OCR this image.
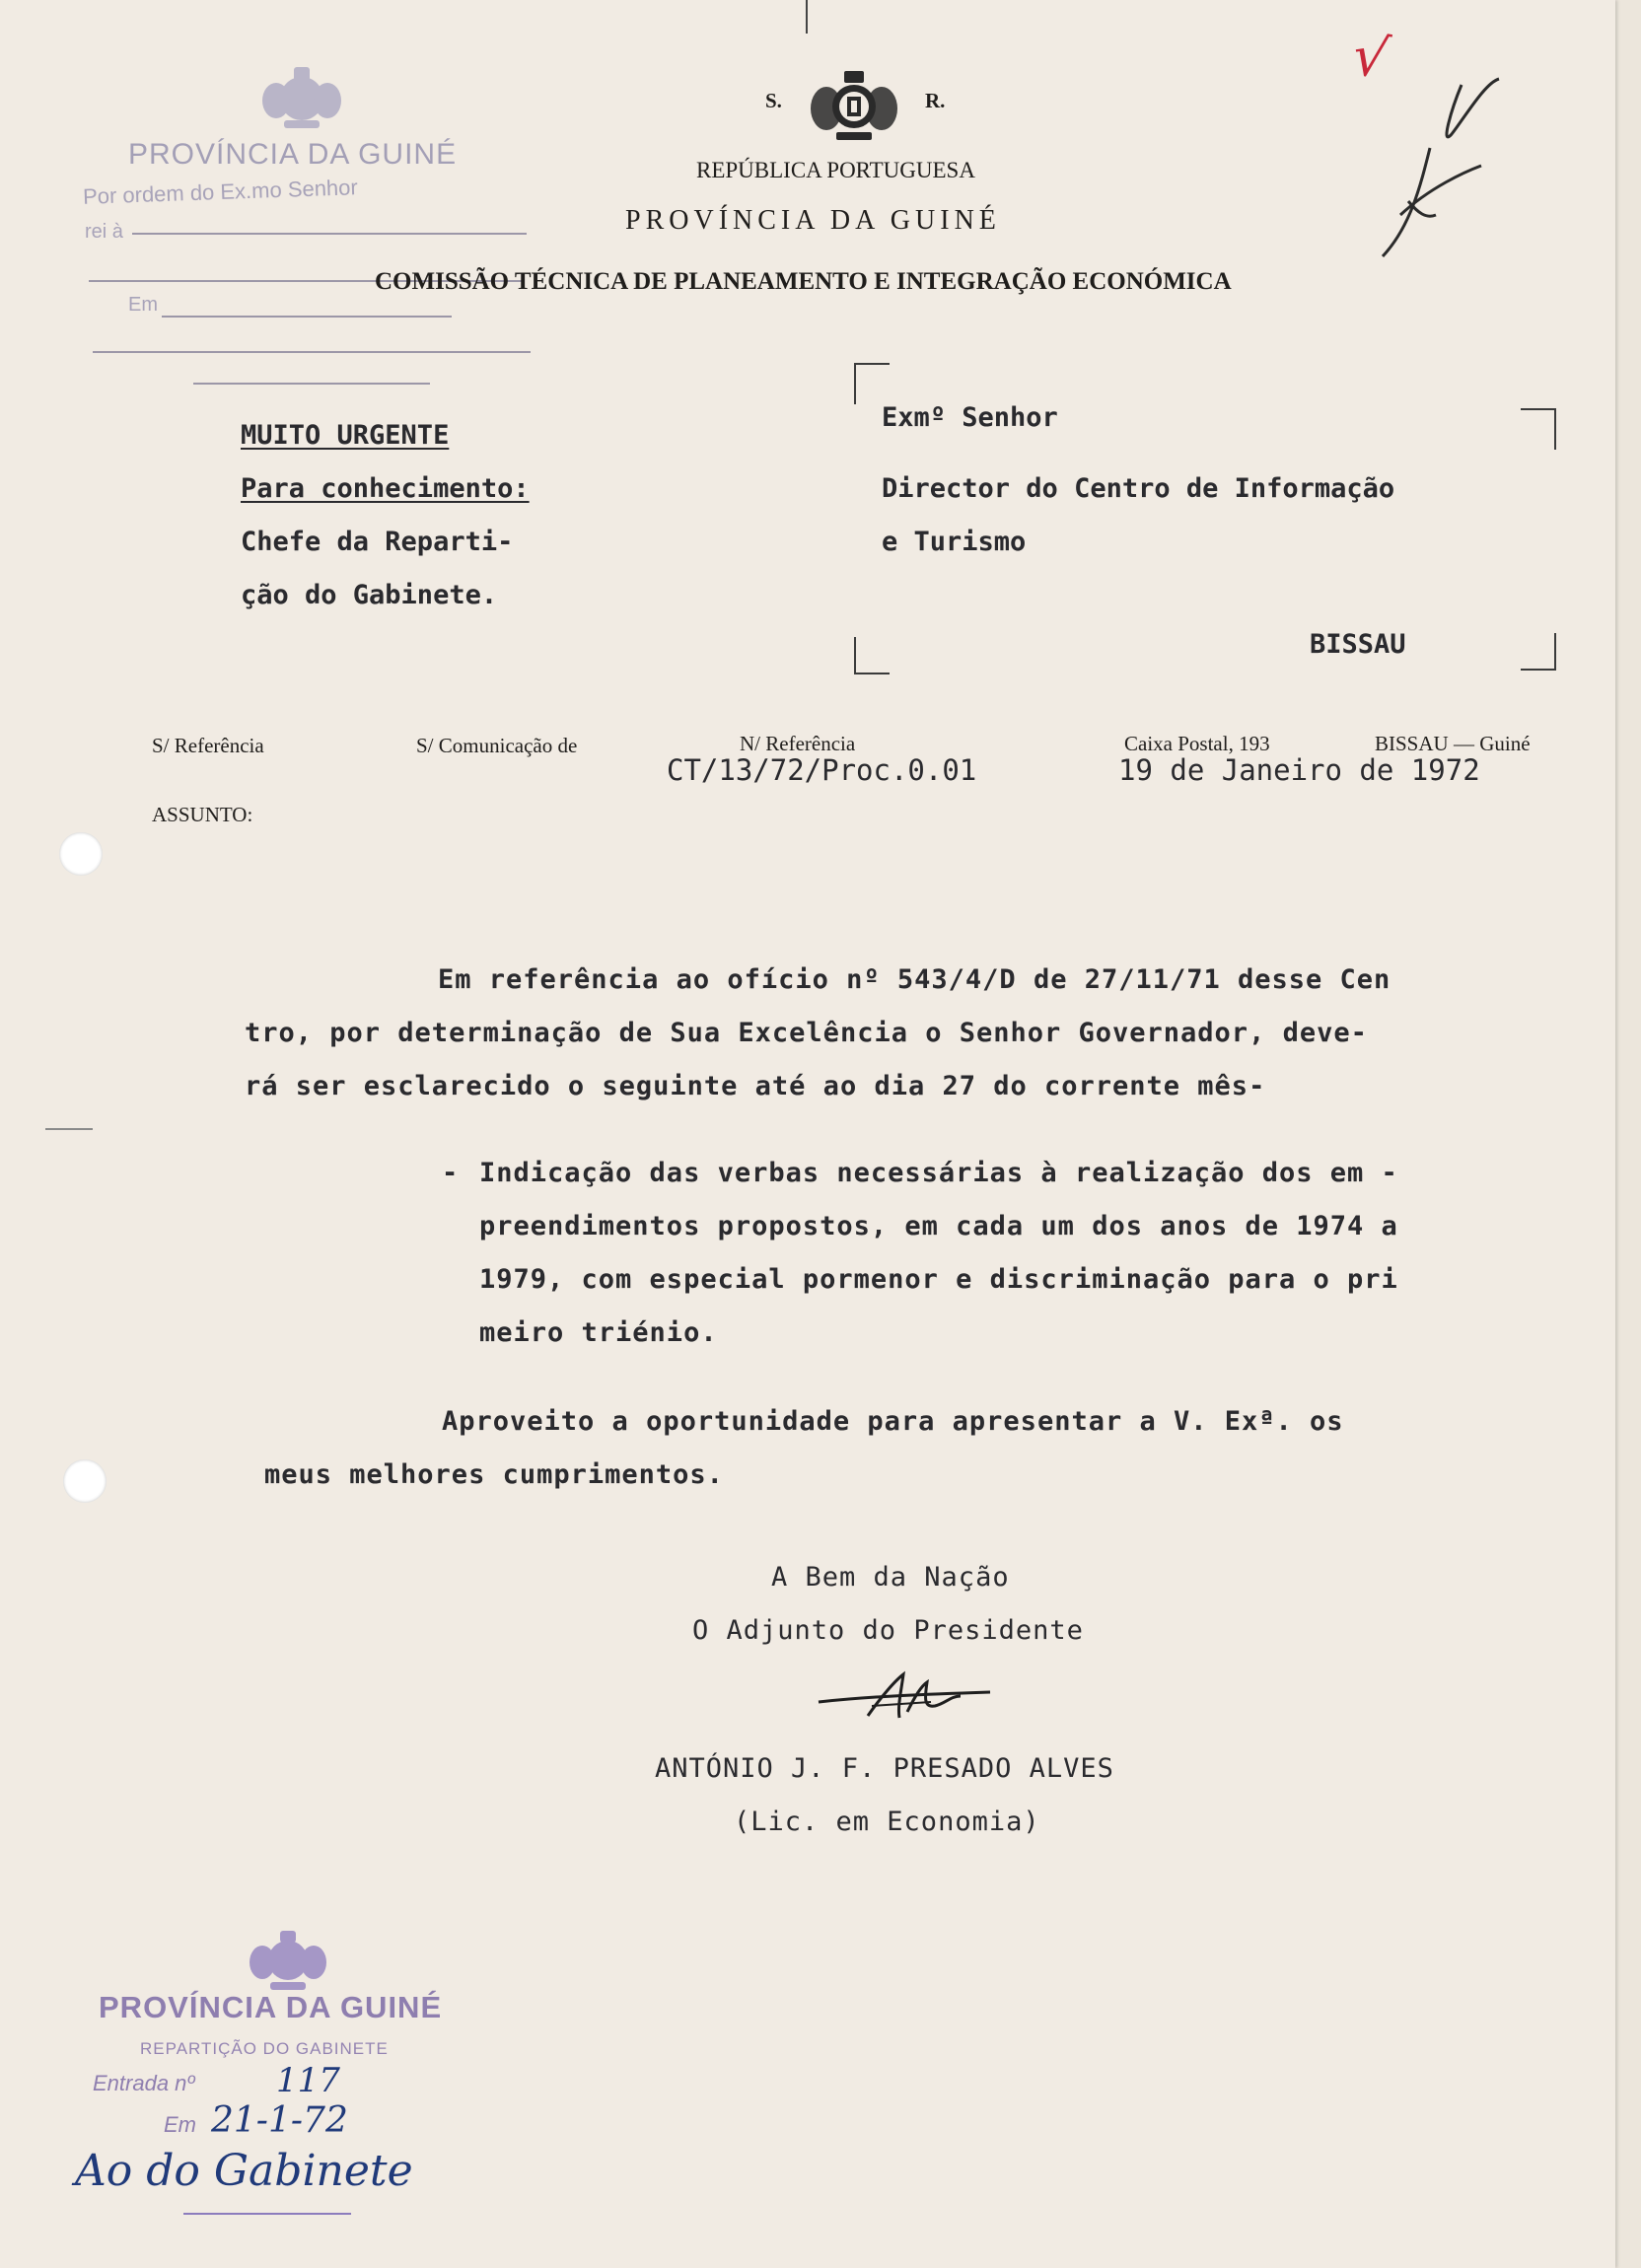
PROVÍNCIA DA GUINÉ
Por ordem do Ex.mo Senhor
rei à
Em
S.	R.
REPÚBLICA PORTUGUESA
PROVÍNCIA DA GUINÉ
COMISSÃO TÉCNICA DE PLANEAMENTO E INTEGRAÇÃO ECONÓMICA
√
MUITO URGENTE
Para conhecimento:
Chefe da Reparti-
ção do Gabinete.
Exmº Senhor
Director do Centro de Informação
e Turismo
BISSAU
S/ Referência	S/ Comunicação de	N/ Referência
CT/13/72/Proc.0.01
Caixa Postal, 193	BISSAU — Guiné
19 de Janeiro de 1972
ASSUNTO:
Em referência ao ofício nº 543/4/D de 27/11/71 desse Cen
tro, por determinação de Sua Excelência o Senhor Governador, deve-
rá ser esclarecido o seguinte até ao dia 27 do corrente mês-
- Indicação das verbas necessárias à realização dos em -
preendimentos propostos, em cada um dos anos de 1974 a
1979, com especial pormenor e discriminação para o pri
meiro triénio.
Aproveito a oportunidade para apresentar a V. Exª. os
meus melhores cumprimentos.
A Bem da Nação
O Adjunto do Presidente
ANTÓNIO J. F. PRESADO ALVES
(Lic. em Economia)
PROVÍNCIA DA GUINÉ
REPARTIÇÃO DO GABINETE
Entrada nº 117
Em 21-1-72
Ao do Gabinete
